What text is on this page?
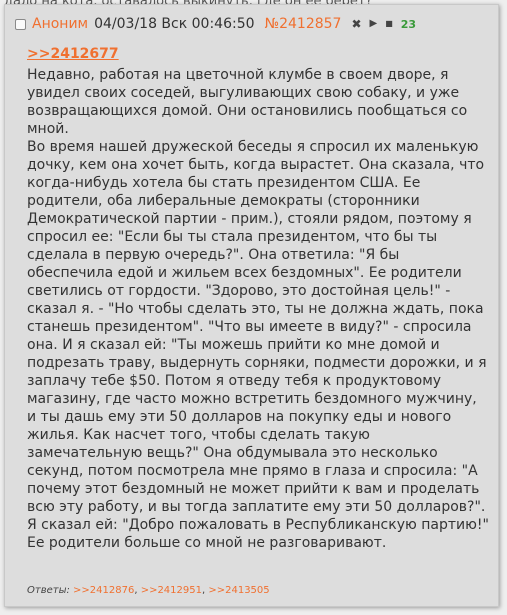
Аноним 04/03/18 Вск 00:46:50 №2412857 ✖ ▶ ■ 23
>>2412677

Недавно, работая на цветочной клумбе в своем дворе, я увидел своих соседей, выгуливающих свою собаку, и уже возвращающихся домой. Они остановились пообщаться со мной.

Во время нашей дружеской беседы я спросил их маленькую дочку, кем она хочет быть, когда вырастет. Она сказала, что когда-нибудь хотела бы стать президентом США. Ее родители, оба либеральные демократы (сторонники Демократической партии - прим.), стояли рядом, поэтому я спросил ее: "Если бы ты стала президентом, что бы ты сделала в первую очередь?". Она ответила: "Я бы обеспечила едой и жильем всех бездомных". Ее родители светились от гордости. "Здорово, это достойная цель!" - сказал я. - "Но чтобы сделать это, ты не должна ждать, пока станешь президентом". "Что вы имеете в виду?" - спросила она. И я сказал ей: "Ты можешь прийти ко мне домой и подрезать траву, выдернуть сорняки, подмести дорожки, и я заплачу тебе $50. Потом я отведу тебя к продуктовому магазину, где часто можно встретить бездомного мужчину, и ты дашь ему эти 50 долларов на покупку еды и нового жилья. Как насчет того, чтобы сделать такую замечательную вещь?" Она обдумывала это несколько секунд, потом посмотрела мне прямо в глаза и спросила: "А почему этот бездомный не может прийти к вам и проделать всю эту работу, и вы тогда заплатите ему эти 50 долларов?". Я сказал ей: "Добро пожаловать в Республиканскую партию!" Ее родители больше со мной не разговаривают.

Ответы: >>2412876, >>2412951, >>2413505
